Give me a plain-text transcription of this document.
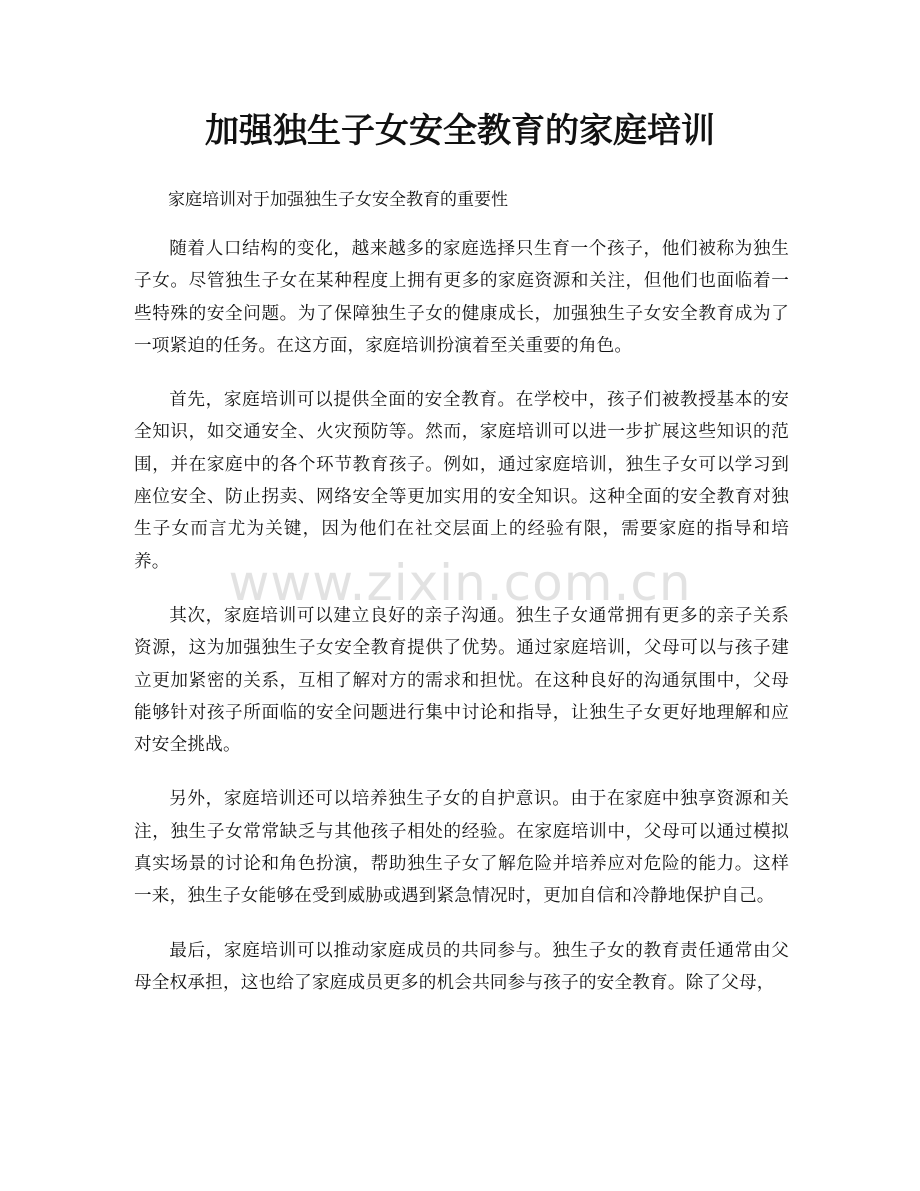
加强独生子女安全教育的家庭培训

家庭培训对于加强独生子女安全教育的重要性

随着人口结构的变化，越来越多的家庭选择只生育一个孩子，他们被称为独生子女。尽管独生子女在某种程度上拥有更多的家庭资源和关注，但他们也面临着一些特殊的安全问题。为了保障独生子女的健康成长，加强独生子女安全教育成为了一项紧迫的任务。在这方面，家庭培训扮演着至关重要的角色。

首先，家庭培训可以提供全面的安全教育。在学校中，孩子们被教授基本的安全知识，如交通安全、火灾预防等。然而，家庭培训可以进一步扩展这些知识的范围，并在家庭中的各个环节教育孩子。例如，通过家庭培训，独生子女可以学习到座位安全、防止拐卖、网络安全等更加实用的安全知识。这种全面的安全教育对独生子女而言尤为关键，因为他们在社交层面上的经验有限，需要家庭的指导和培养。

其次，家庭培训可以建立良好的亲子沟通。独生子女通常拥有更多的亲子关系资源，这为加强独生子女安全教育提供了优势。通过家庭培训，父母可以与孩子建立更加紧密的关系，互相了解对方的需求和担忧。在这种良好的沟通氛围中，父母能够针对孩子所面临的安全问题进行集中讨论和指导，让独生子女更好地理解和应对安全挑战。

另外，家庭培训还可以培养独生子女的自护意识。由于在家庭中独享资源和关注，独生子女常常缺乏与其他孩子相处的经验。在家庭培训中，父母可以通过模拟真实场景的讨论和角色扮演，帮助独生子女了解危险并培养应对危险的能力。这样一来，独生子女能够在受到威胁或遇到紧急情况时，更加自信和冷静地保护自己。

最后，家庭培训可以推动家庭成员的共同参与。独生子女的教育责任通常由父母全权承担，这也给了家庭成员更多的机会共同参与孩子的安全教育。除了父母，

www.zixin.com.cn
